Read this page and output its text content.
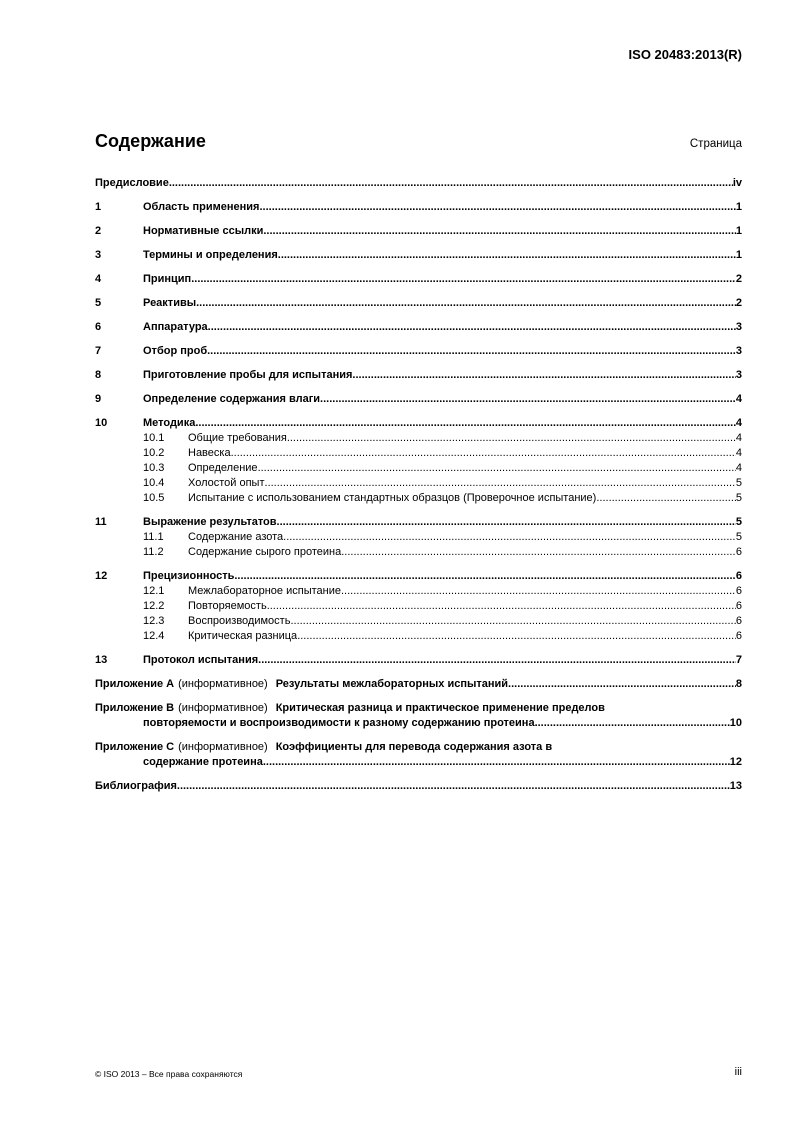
ISO 20483:2013(R)
Содержание	Страница
Предисловие .....	iv
1	Область применения .....	1
2	Нормативные ссылки .....	1
3	Термины и определения .....	1
4	Принцип .....	2
5	Реактивы .....	2
6	Аппаратура .....	3
7	Отбор проб .....	3
8	Приготовление пробы для испытания .....	3
9	Определение содержания влаги .....	4
10	Методика .....	4
10.1	Общие требования .....	4
10.2	Навеска .....	4
10.3	Определение .....	4
10.4	Холостой опыт .....	5
10.5	Испытание с использованием стандартных образцов (Проверочное испытание) .....	5
11	Выражение результатов .....	5
11.1	Содержание азота .....	5
11.2	Содержание сырого протеина .....	6
12	Прецизионность .....	6
12.1	Межлабораторное испытание .....	6
12.2	Повторяемость .....	6
12.3	Воспроизводимость .....	6
12.4	Критическая разница .....	6
13	Протокол испытания .....	7
Приложение A (информативное) Результаты межлабораторных испытаний .....	8
Приложение B (информативное) Критическая разница и практическое применение пределов
повторяемости и воспроизводимости к разному содержанию протеина .....	10
Приложение C (информативное) Коэффициенты для перевода содержания азота в
содержание протеина .....	12
Библиография .....	13
© ISO 2013 – Все права сохраняются	iii
